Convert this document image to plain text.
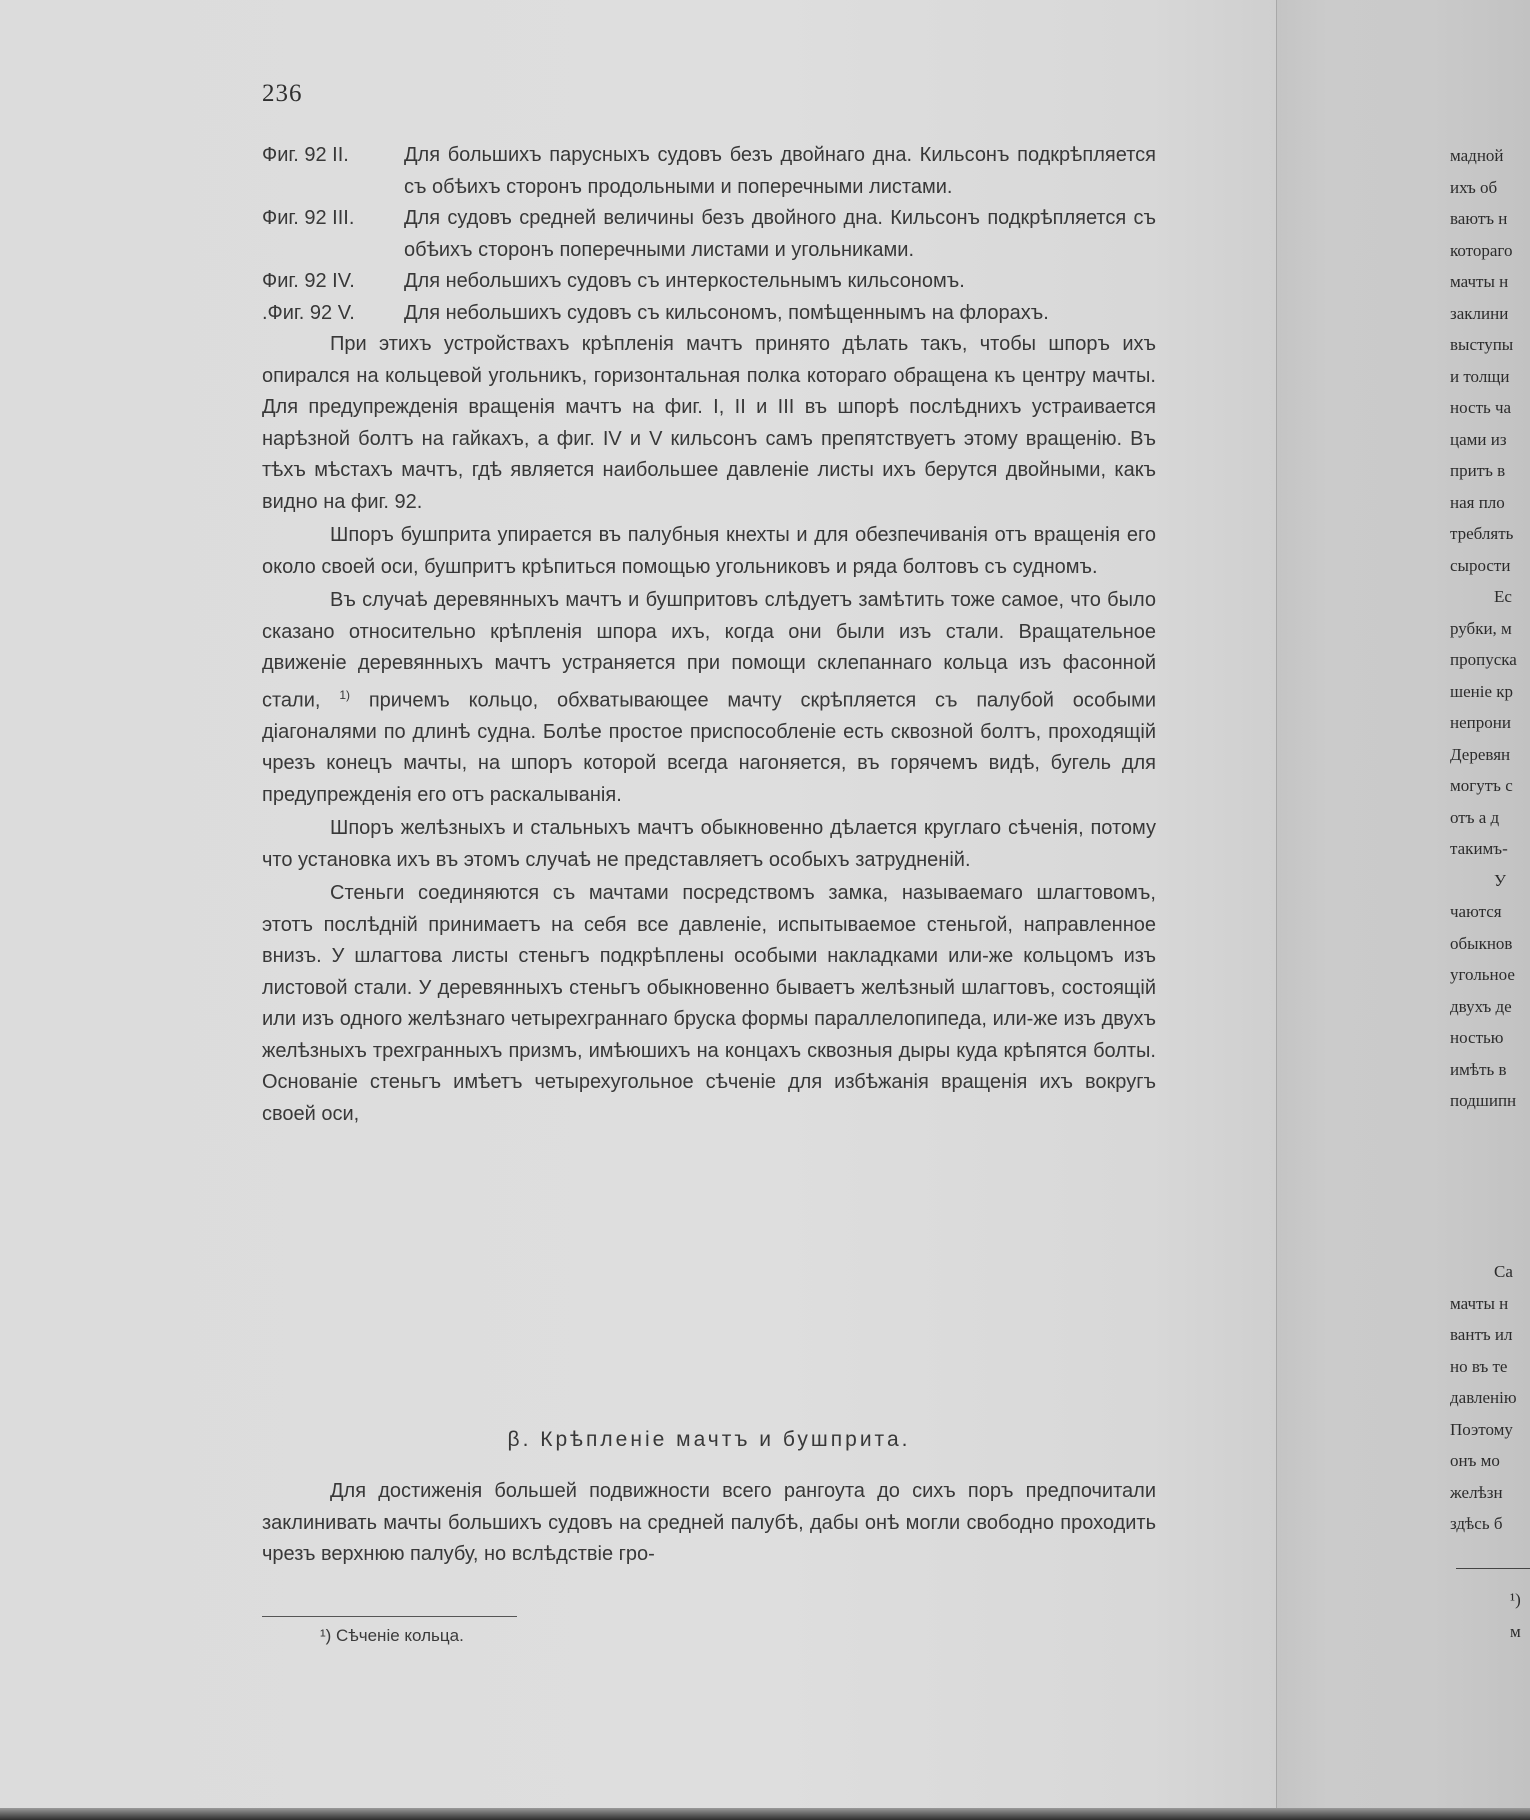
236
Фиг. 92 II.	Для большихъ парусныхъ судовъ безъ двойнаго дна. Кильсонъ подкрѣпляется съ обѣихъ сторонъ продольными и поперечными листами.
Фиг. 92 III.	Для судовъ средней величины безъ двойного дна. Кильсонъ подкрѣпляется съ обѣихъ сторонъ поперечными листами и угольниками.
Фиг. 92 IV.	Для небольшихъ судовъ съ интеркостельнымъ кильсономъ.
.Фиг. 92 V.	Для небольшихъ судовъ съ кильсономъ, помѣщеннымъ на флорахъ.

При этихъ устройствахъ крѣпленія мачтъ принято дѣлать такъ, чтобы шпоръ ихъ опирался на кольцевой угольникъ, горизонтальная полка котораго обращена къ центру мачты. Для предупрежденія вращенія мачтъ на фиг. I, II и III въ шпорѣ послѣднихъ устраивается нарѣзной болтъ на гайкахъ, а фиг. IV и V кильсонъ самъ препятствуетъ этому вращенію. Въ тѣхъ мѣстахъ мачтъ, гдѣ является наибольшее давленіе листы ихъ берутся двойными, какъ видно на фиг. 92.

Шпоръ бушприта упирается въ палубныя кнехты и для обезпечиванія отъ вращенія его около своей оси, бушпритъ крѣпиться помощью угольниковъ и ряда болтовъ съ судномъ.

Въ случаѣ деревянныхъ мачтъ и бушпритовъ слѣдуетъ замѣтить тоже самое, что было сказано относительно крѣпленія шпора ихъ, когда они были изъ стали. Вращательное движеніе деревянныхъ мачтъ устраняется при помощи склепаннаго кольца изъ фасонной стали, $^{1)}$ причемъ кольцо, обхватывающее мачту скрѣпляется съ палубой особыми діагоналями по длинѣ судна. Болѣе простое приспособленіе есть сквозной болтъ, проходящій чрезъ конецъ мачты, на шпоръ которой всегда нагоняется, въ горячемъ видѣ, бугель для предупрежденія его отъ раскалыванія.

Шпоръ желѣзныхъ и стальныхъ мачтъ обыкновенно дѣлается круглаго сѣченія, потому что установка ихъ въ этомъ случаѣ не представляетъ особыхъ затрудненій.

Стеньги соединяются съ мачтами посредствомъ замка, называемаго шлагтовомъ, этотъ послѣдній принимаетъ на себя все давленіе, испытываемое стеньгой, направленное внизъ. У шлагтова листы стеньгъ подкрѣплены особыми накладками или-же кольцомъ изъ листовой стали. У деревянныхъ стеньгъ обыкновенно бываетъ желѣзный шлагтовъ, состоящій или изъ одного желѣзнаго четырехграннаго бруска формы параллелопипеда, или-же изъ двухъ желѣзныхъ трехгранныхъ призмъ, имѣюшихъ на концахъ сквозныя дыры куда крѣпятся болты. Основаніе стеньгъ имѣетъ четырехугольное сѣченіе для избѣжанія вращенія ихъ вокругъ своей оси,

β. Крѣпленіе мачтъ и бушприта.

Для достиженія большей подвижности всего рангоута до сихъ поръ предпочитали заклинивать мачты большихъ судовъ на средней палубѣ, дабы онѣ могли свободно проходить чрезъ верхнюю палубу, но вслѣдствіе гро-

¹) Сѣченіе кольца.
мадной
ихъ об
ваютъ н
котораго
мачты н
заклини
выступы
и толщи
ность ча
цами из
притъ в
ная пло
треблять
сырости
Ес
рубки, м
пропуска
шеніе кр
непрони
Деревян
могутъ с
отъ a д
такимъ-
У
чаются
обыкнов
угольное
двухъ де
ностью
имѣть в
подшипн
Ca
мачты н
вантъ ил
но въ те
давленію
Поэтому
онъ мо
желѣзн
здѣсь б
¹)
м
